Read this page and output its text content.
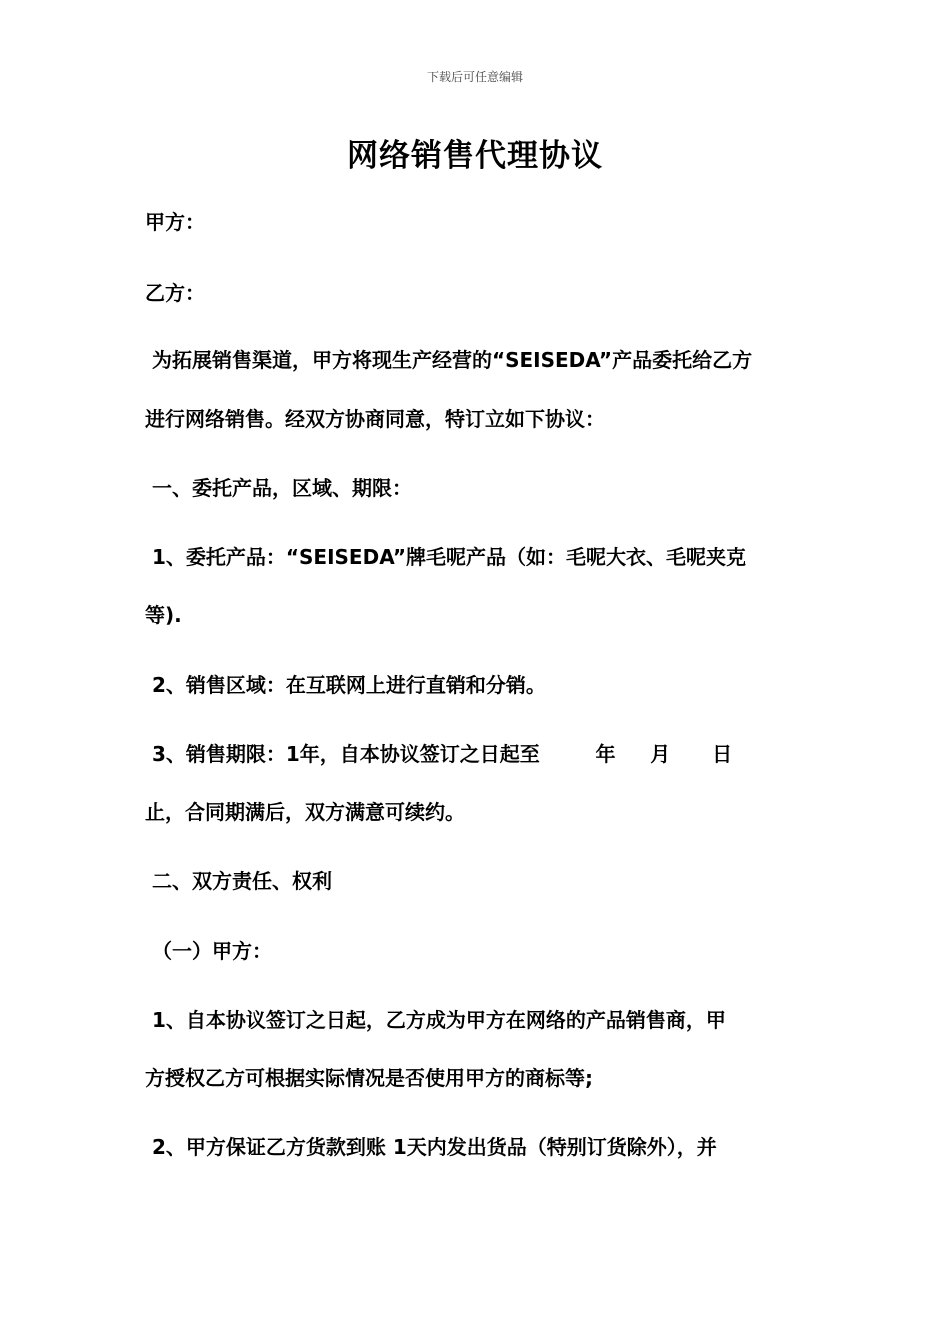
下载后可任意编辑
网络销售代理协议
甲方：
乙方：
为拓展销售渠道，甲方将现生产经营的“SEISEDA”产品委托给乙方
进行网络销售。经双方协商同意，特订立如下协议：
一、委托产品，区域、期限：
1、委托产品：“SEISEDA”牌毛呢产品（如：毛呢大衣、毛呢夹克
等).
2、销售区域：在互联网上进行直销和分销。
3、销售期限：1年，自本协议签订之日起至        年     月      日
止，合同期满后，双方满意可续约。
二、双方责任、权利
（一）甲方：
1、自本协议签订之日起，乙方成为甲方在网络的产品销售商，甲
方授权乙方可根据实际情况是否使用甲方的商标等;
2、甲方保证乙方货款到账 1天内发出货品（特别订货除外），并
